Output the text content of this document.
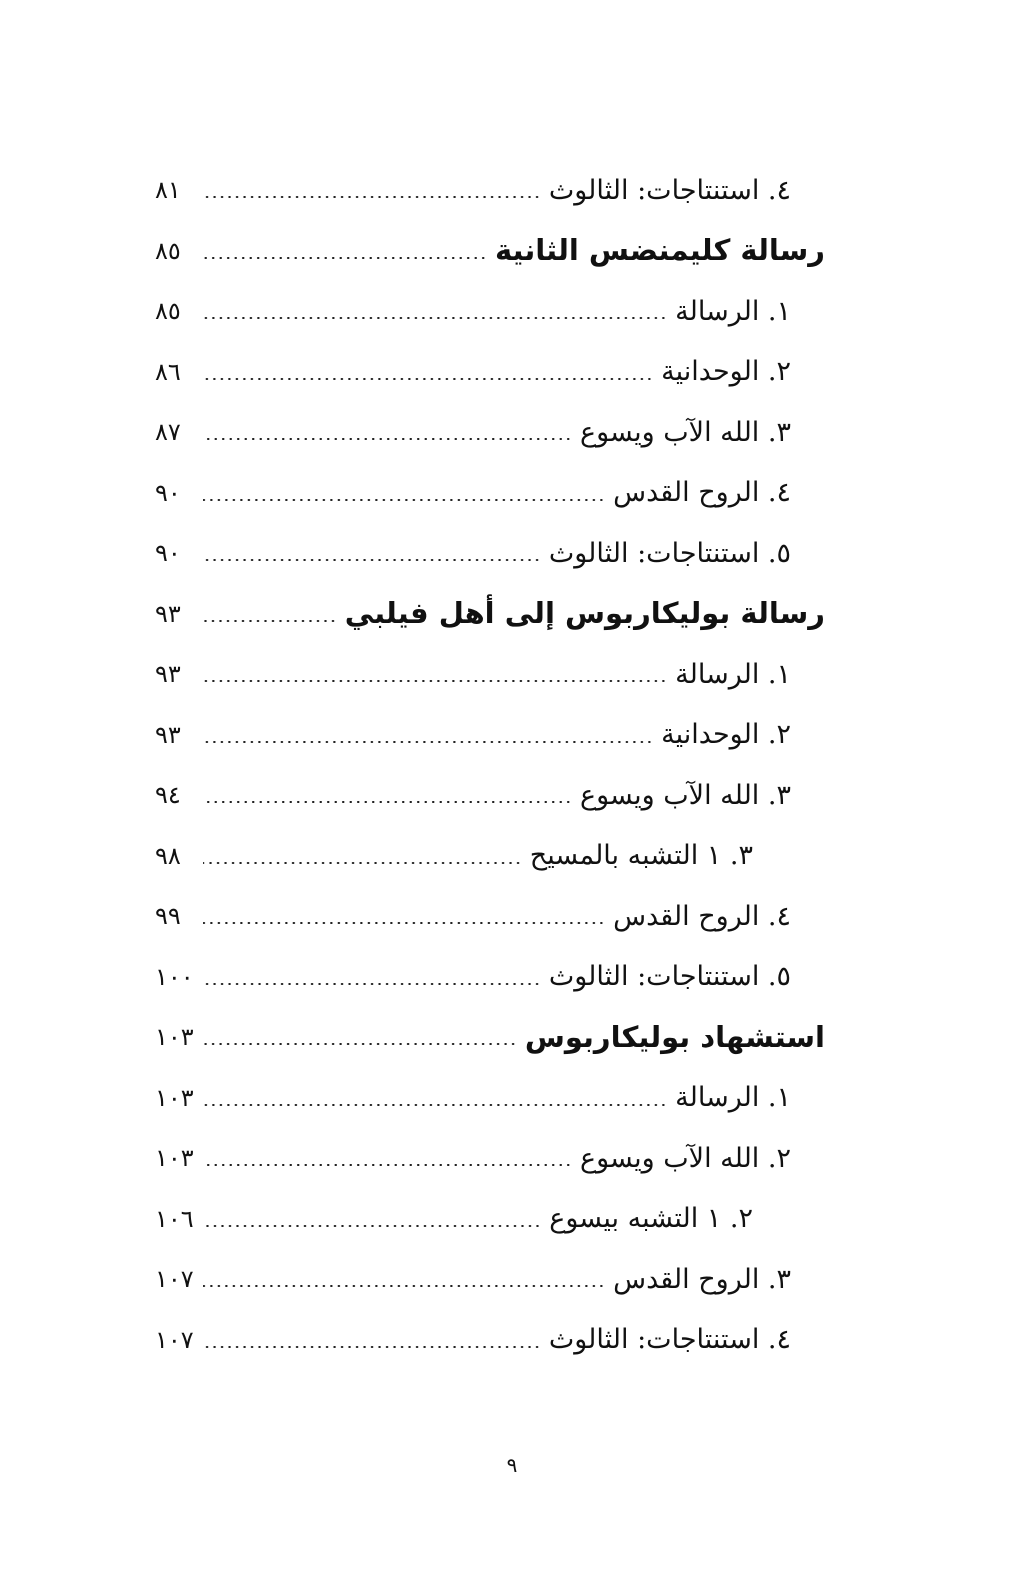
٤. استنتاجات: الثالوث
٨١
رسالة كليمنضس الثانية
٨٥
١. الرسالة
٨٥
٢. الوحدانية
٨٦
٣. الله الآب ويسوع
٨٧
٤. الروح القدس
٩٠
٥. استنتاجات: الثالوث
٩٠
رسالة بوليكاربوس إلى أهل فيلبي
٩٣
١. الرسالة
٩٣
٢. الوحدانية
٩٣
٣. الله الآب ويسوع
٩٤
٣. ١ التشبه بالمسيح
٩٨
٤. الروح القدس
٩٩
٥. استنتاجات: الثالوث
١٠٠
استشهاد بوليكاربوس
١٠٣
١. الرسالة
١٠٣
٢. الله الآب ويسوع
١٠٣
٢. ١ التشبه بيسوع
١٠٦
٣. الروح القدس
١٠٧
٤. استنتاجات: الثالوث
١٠٧
٩
